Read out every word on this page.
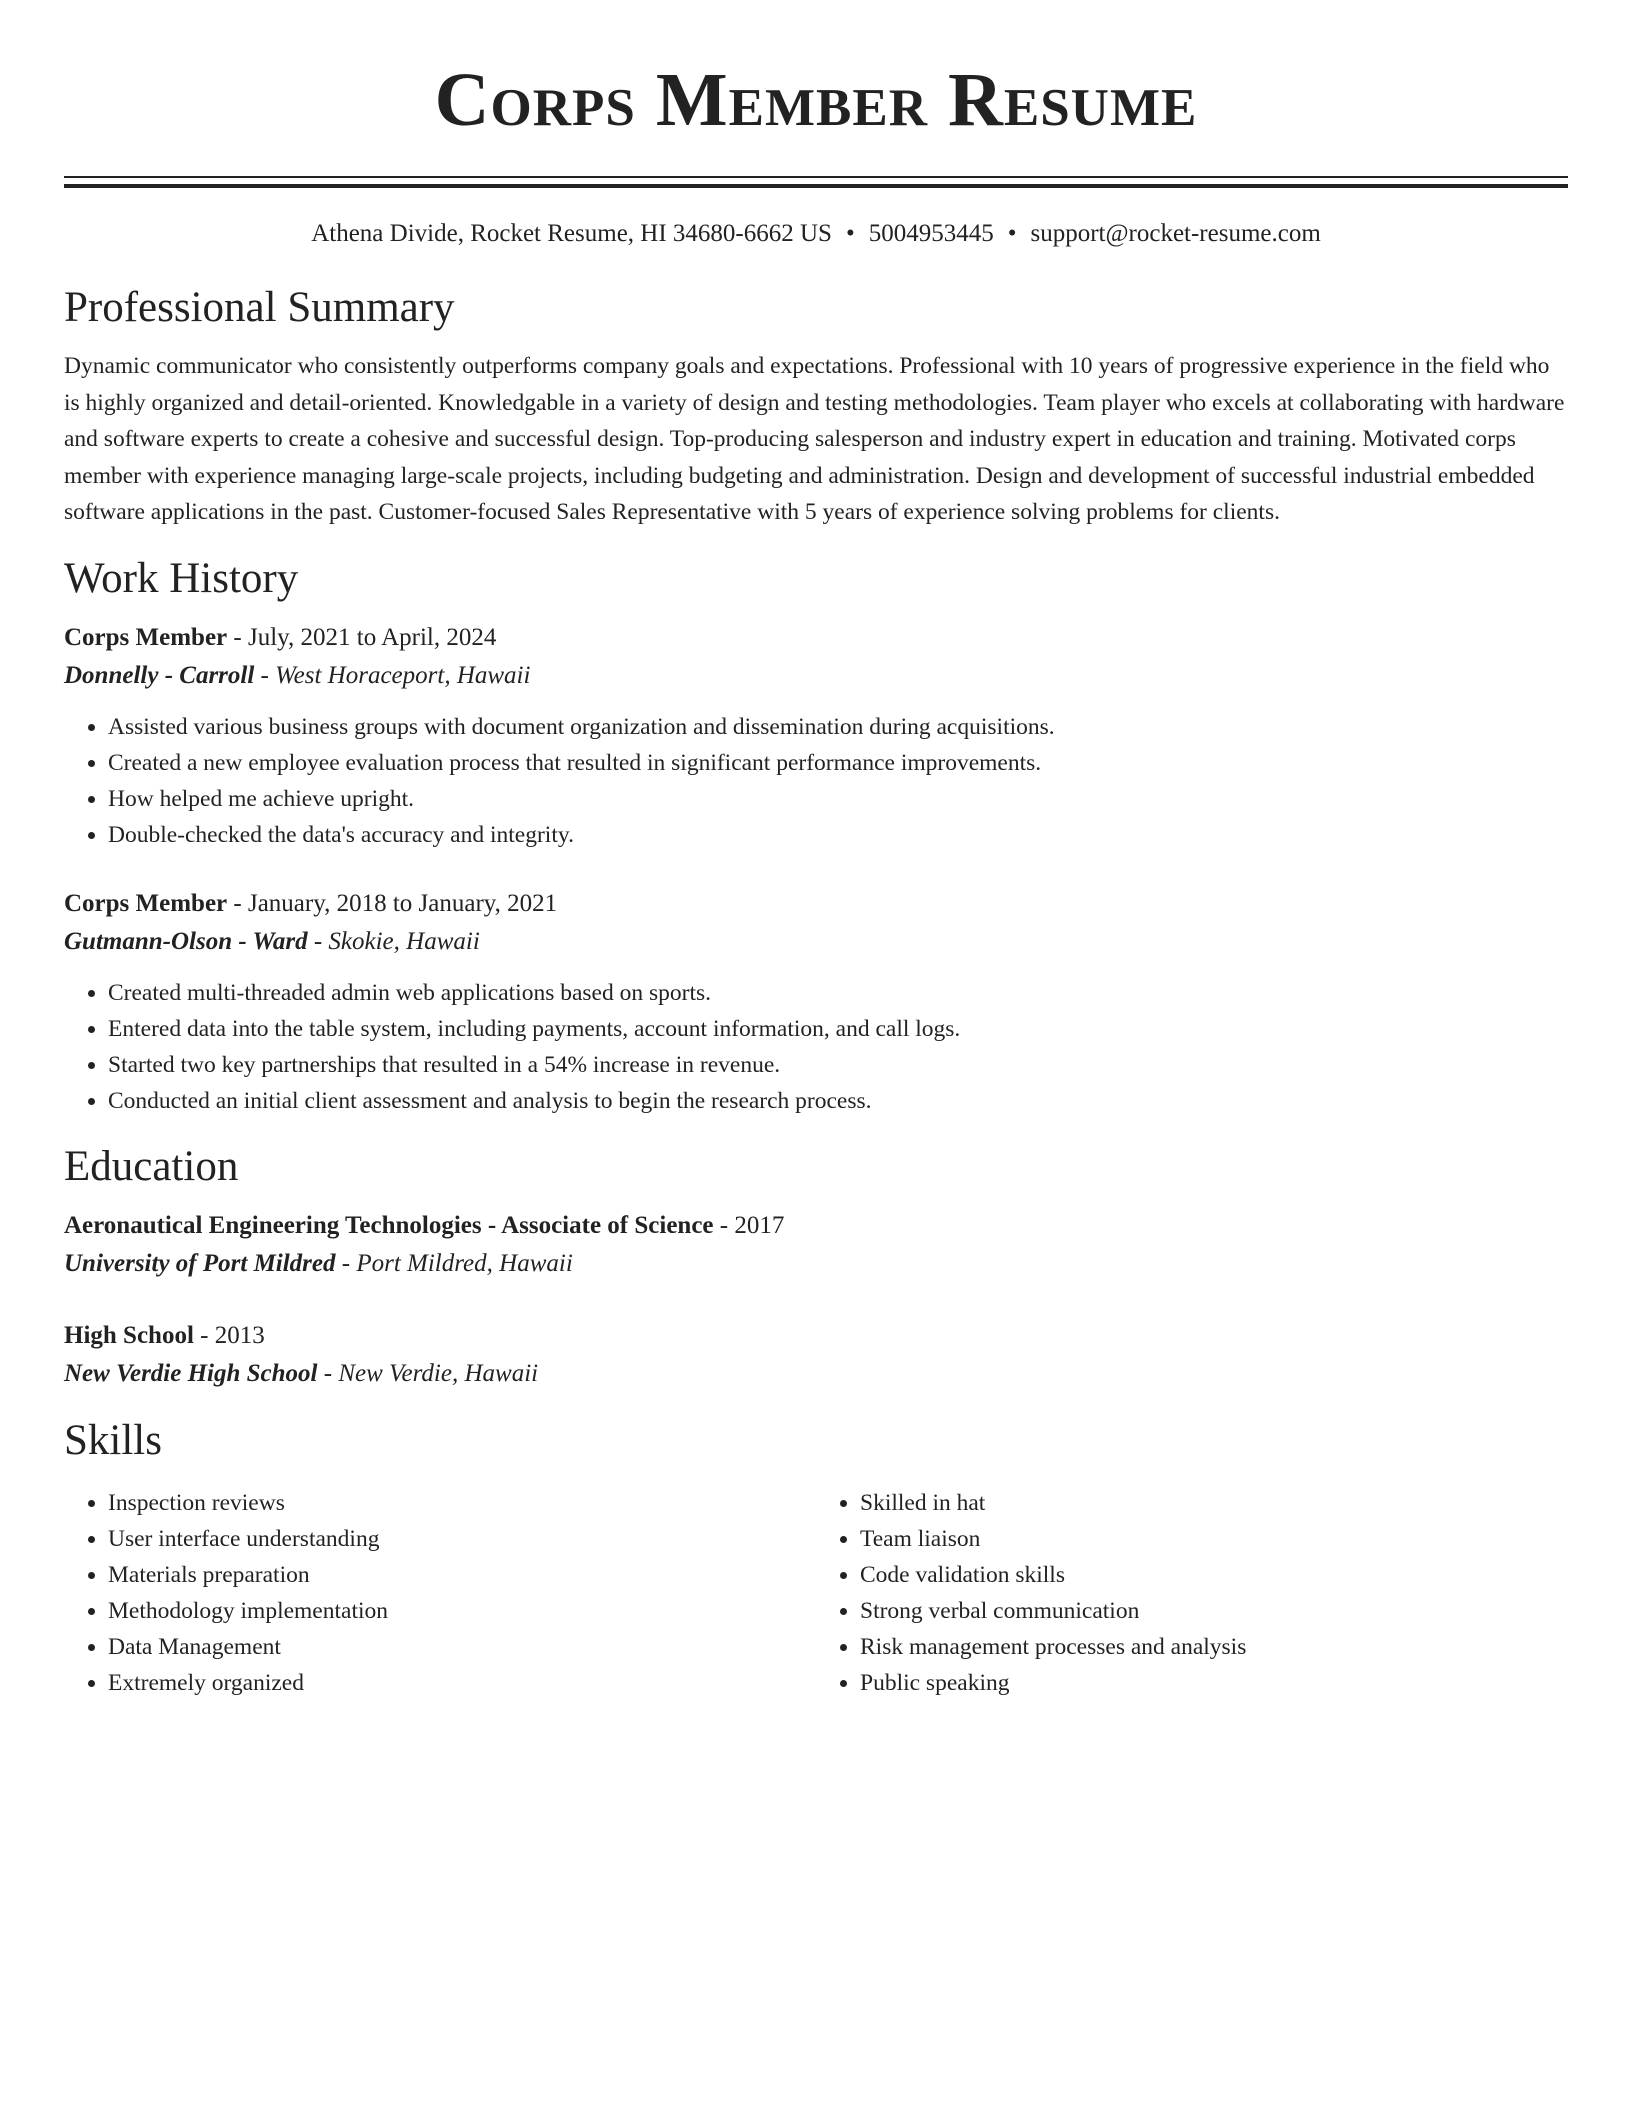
Corps Member Resume
Athena Divide, Rocket Resume, HI 34680-6662 US • 5004953445 • support@rocket-resume.com
Professional Summary

Dynamic communicator who consistently outperforms company goals and expectations. Professional with 10 years of progressive experience in the field who is highly organized and detail-oriented. Knowledgable in a variety of design and testing methodologies. Team player who excels at collaborating with hardware and software experts to create a cohesive and successful design. Top-producing salesperson and industry expert in education and training. Motivated corps member with experience managing large-scale projects, including budgeting and administration. Design and development of successful industrial embedded software applications in the past. Customer-focused Sales Representative with 5 years of experience solving problems for clients.

Work History

Corps Member - July, 2021 to April, 2024

Donnelly - Carroll - West Horaceport, Hawaii

• Assisted various business groups with document organization and dissemination during acquisitions.
• Created a new employee evaluation process that resulted in significant performance improvements.
• How helped me achieve upright.
• Double-checked the data's accuracy and integrity.

Corps Member - January, 2018 to January, 2021

Gutmann-Olson - Ward - Skokie, Hawaii

• Created multi-threaded admin web applications based on sports.
• Entered data into the table system, including payments, account information, and call logs.
• Started two key partnerships that resulted in a 54% increase in revenue.
• Conducted an initial client assessment and analysis to begin the research process.
Education

Aeronautical Engineering Technologies - Associate of Science - 2017

University of Port Mildred - Port Mildred, Hawaii

High School - 2013

New Verdie High School - New Verdie, Hawaii

Skills
• Inspection reviews
• User interface understanding
• Materials preparation
• Methodology implementation
• Data Management
• Extremely organized
• Skilled in hat
• Team liaison
• Code validation skills
• Strong verbal communication
• Risk management processes and analysis
• Public speaking
